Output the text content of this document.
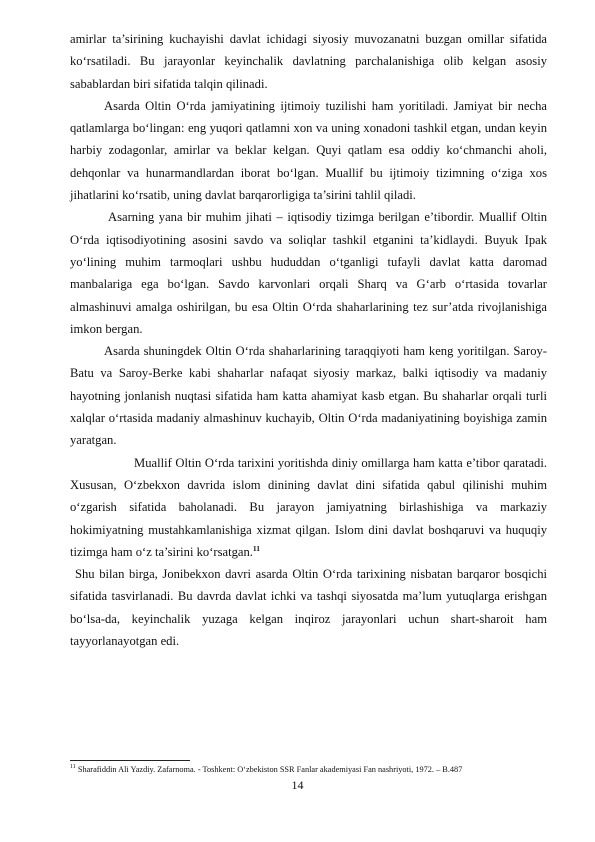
amirlar ta’sirining kuchayishi davlat ichidagi siyosiy muvozanatni buzgan omillar sifatida ko‘rsatiladi. Bu jarayonlar keyinchalik davlatning parchalanishiga olib kelgan asosiy sabablardan biri sifatida talqin qilinadi.

Asarda Oltin O‘rda jamiyatining ijtimoiy tuzilishi ham yoritiladi. Jamiyat bir necha qatlamlarga bo‘lingan: eng yuqori qatlamni xon va uning xonadoni tashkil etgan, undan keyin harbiy zodagonlar, amirlar va beklar kelgan. Quyi qatlam esa oddiy ko‘chmanchi aholi, dehqonlar va hunarmandlardan iborat bo‘lgan. Muallif bu ijtimoiy tizimning o‘ziga xos jihatlarini ko‘rsatib, uning davlat barqarorligiga ta’sirini tahlil qiladi.

Asarning yana bir muhim jihati – iqtisodiy tizimga berilgan e’tibordir. Muallif Oltin O‘rda iqtisodiyotining asosini savdo va soliqlar tashkil etganini ta’kidlaydi. Buyuk Ipak yo‘lining muhim tarmoqlari ushbu hududdan o‘tganligi tufayli davlat katta daromad manbalariga ega bo‘lgan. Savdo karvonlari orqali Sharq va G‘arb o‘rtasida tovarlar almashinuvi amalga oshirilgan, bu esa Oltin O‘rda shaharlarining tez sur’atda rivojlanishiga imkon bergan.

Asarda shuningdek Oltin O‘rda shaharlarining taraqqiyoti ham keng yoritilgan. Saroy-Batu va Saroy-Berke kabi shaharlar nafaqat siyosiy markaz, balki iqtisodiy va madaniy hayotning jonlanish nuqtasi sifatida ham katta ahamiyat kasb etgan. Bu shaharlar orqali turli xalqlar o‘rtasida madaniy almashinuv kuchayib, Oltin O‘rda madaniyatining boyishiga zamin yaratgan.

Muallif Oltin O‘rda tarixini yoritishda diniy omillarga ham katta e’tibor qaratadi. Xususan, O‘zbekxon davrida islom dinining davlat dini sifatida qabul qilinishi muhim o‘zgarish sifatida baholanadi. Bu jarayon jamiyatning birlashishiga va markaziy hokimiyatning mustahkamlanishiga xizmat qilgan. Islom dini davlat boshqaruvi va huquqiy tizimga ham o‘z ta’sirini ko‘rsatgan.$^{11}$

Shu bilan birga, Jonibekxon davri asarda Oltin O‘rda tarixining nisbatan barqaror bosqichi sifatida tasvirlanadi. Bu davrda davlat ichki va tashqi siyosatda ma’lum yutuqlarga erishgan bo‘lsa-da, keyinchalik yuzaga kelgan inqiroz jarayonlari uchun shart-sharoit ham tayyorlanayotgan edi.

$^{11}$ Sharafiddin Ali Yazdiy. Zafarnoma. - Toshkent: O‘zbekiston SSR Fanlar akademiyasi Fan nashriyoti, 1972. – B.487
14
